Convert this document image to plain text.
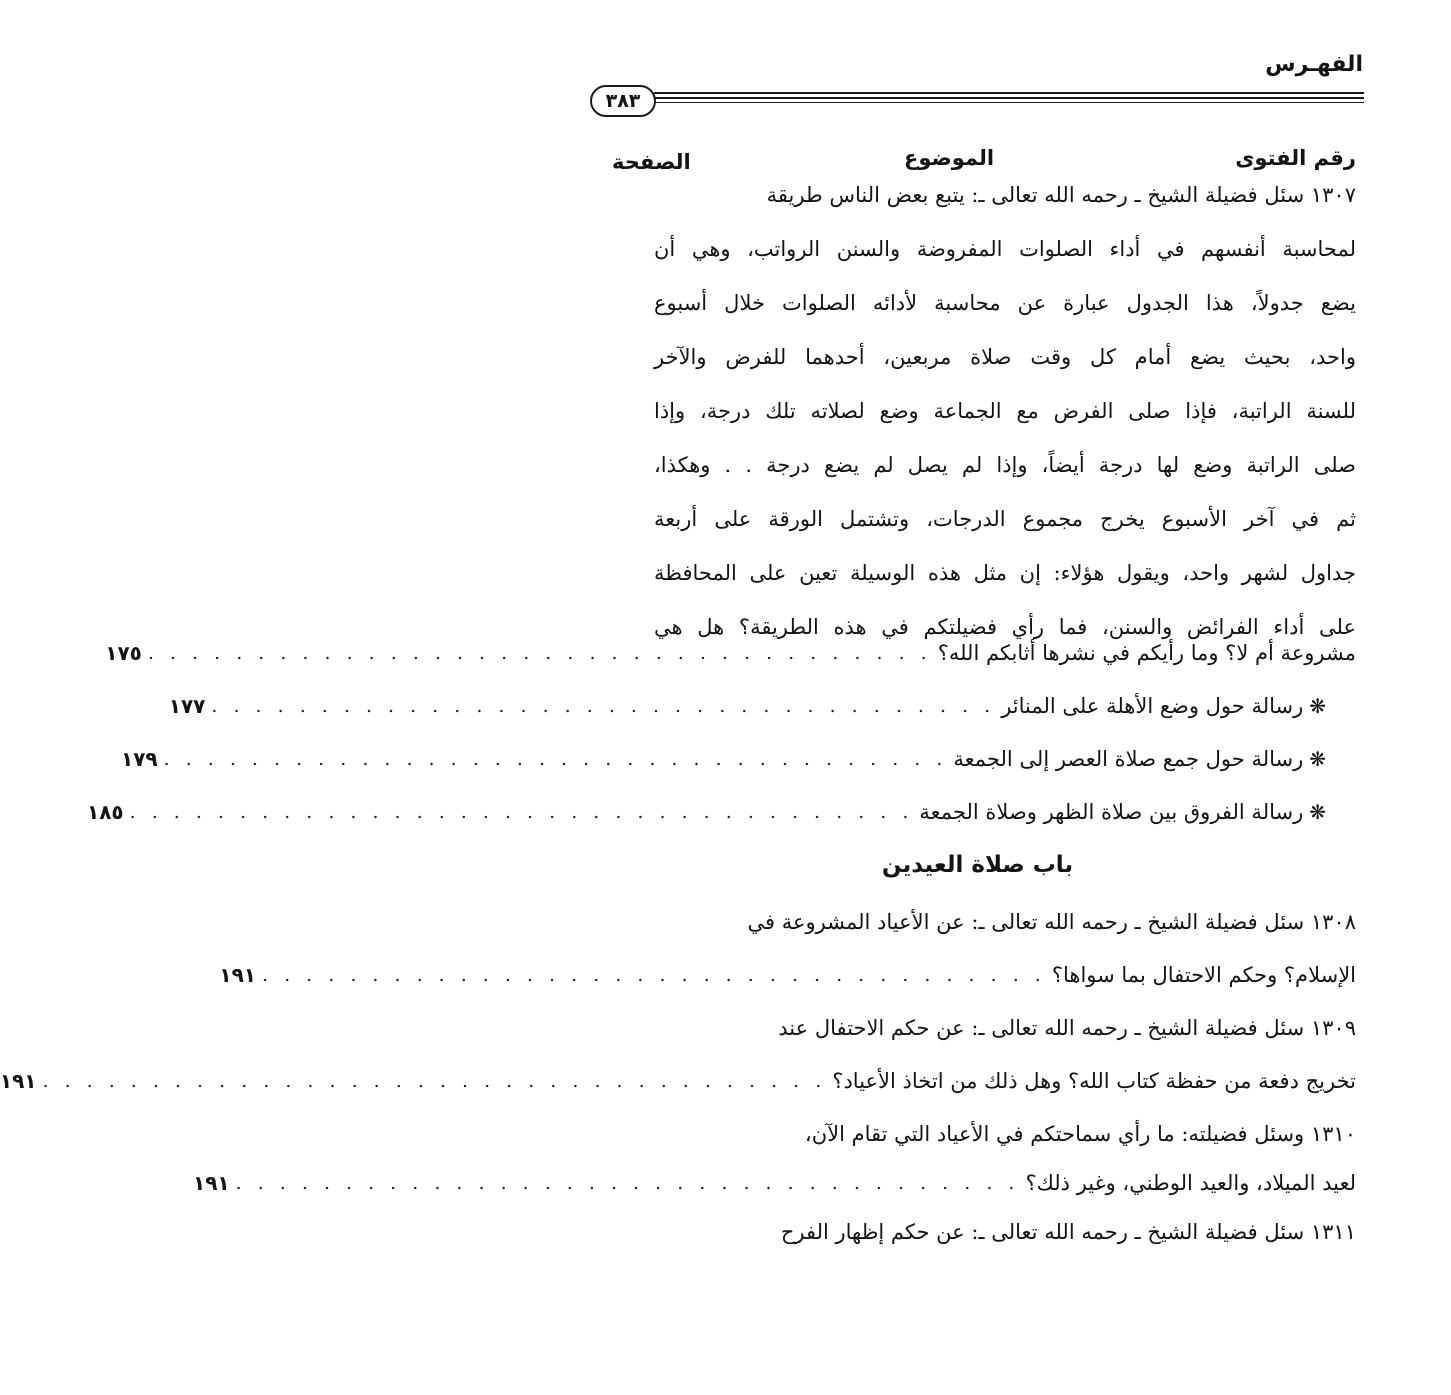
الفهـرس
٣٨٣
رقم الفتوى
الموضوع
الصفحة
١٣٠٧ سئل فضيلة الشيخ ـ رحمه الله تعالى ـ: يتبع بعض الناس طريقة
لمحاسبة أنفسهم في أداء الصلوات المفروضة والسنن الرواتب، وهي أن
يضع جدولاً، هذا الجدول عبارة عن محاسبة لأدائه الصلوات خلال أسبوع
واحد، بحيث يضع أمام كل وقت صلاة مربعين، أحدهما للفرض والآخر
للسنة الراتبة، فإذا صلى الفرض مع الجماعة وضع لصلاته تلك درجة، وإذا
صلى الراتبة وضع لها درجة أيضاً، وإذا لم يصل لم يضع درجة . . وهكذا،
ثم في آخر الأسبوع يخرج مجموع الدرجات، وتشتمل الورقة على أربعة
جداول لشهر واحد، ويقول هؤلاء: إن مثل هذه الوسيلة تعين على المحافظة
على أداء الفرائض والسنن، فما رأي فضيلتكم في هذه الطريقة؟ هل هي
مشروعة أم لا؟ وما رأيكم في نشرها أثابكم الله؟
. . . . . . . . . . . . . . . . . . . . . . . . . . . . . . . . . . . .
١٧٥
❋
رسالة حول وضع الأهلة على المنائر
. . . . . . . . . . . . . . . . . . . . . . . . . . . . . . . . . . . .
١٧٧
❋
رسالة حول جمع صلاة العصر إلى الجمعة
. . . . . . . . . . . . . . . . . . . . . . . . . . . . . . . . . . . .
١٧٩
❋
رسالة الفروق بين صلاة الظهر وصلاة الجمعة
. . . . . . . . . . . . . . . . . . . . . . . . . . . . . . . . . . . .
١٨٥
باب صلاة العيدين
١٣٠٨ سئل فضيلة الشيخ ـ رحمه الله تعالى ـ: عن الأعياد المشروعة في
الإسلام؟ وحكم الاحتفال بما سواها؟
. . . . . . . . . . . . . . . . . . . . . . . . . . . . . . . . . . . .
١٩١
١٣٠٩ سئل فضيلة الشيخ ـ رحمه الله تعالى ـ: عن حكم الاحتفال عند
تخريج دفعة من حفظة كتاب الله؟ وهل ذلك من اتخاذ الأعياد؟
. . . . . . . . . . . . . . . . . . . . . . . . . . . . . . . . . . . .
١٩١
١٣١٠ وسئل فضيلته: ما رأي سماحتكم في الأعياد التي تقام الآن،
لعيد الميلاد، والعيد الوطني، وغير ذلك؟
. . . . . . . . . . . . . . . . . . . . . . . . . . . . . . . . . . . .
١٩١
١٣١١ سئل فضيلة الشيخ ـ رحمه الله تعالى ـ: عن حكم إظهار الفرح
